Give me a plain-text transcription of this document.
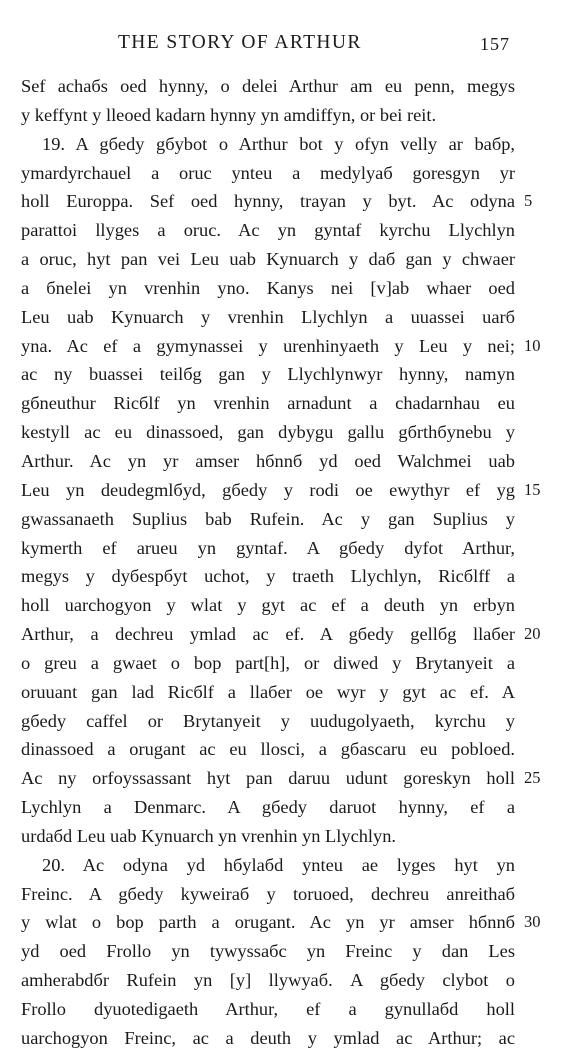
THE STORY OF ARTHUR	157
Sef achaбs oed hynny, o delei Arthur am eu penn, megys
y keffynt y lleoed kadarn hynny yn amdiffyn, or bei reit.
19. A gбedy gбybot o Arthur bot y ofyn velly ar baбp,
ymardyrchauel a oruc ynteu a medylyaб goresgyn yr
holl Europpa. Sef oed hynny, trayan y byt. Ac odyna 5
parattoi llyges a oruc. Ac yn gyntaf kyrchu Llychlyn
a oruc, hyt pan vei Leu uab Kynuarch y daб gan y chwaer
a бnelei yn vrenhin yno. Kanys nei [v]ab whaer oed
Leu uab Kynuarch y vrenhin Llychlyn a uuassei uarб
yna. Ac ef a gymynassei y urenhinyaeth y Leu y nei; 10
ac ny buassei teilбg gan y Llychlynwyr hynny, namyn
gбneuthur Ricбlf yn vrenhin arnadunt a chadarnhau eu
kestyll ac eu dinassoed, gan dybygu gallu gбrthбynebu y
Arthur. Ac yn yr amser hбnnб yd oed Walchmei uab
Leu yn deudegmlбyd, gбedy y rodi oe ewythyr ef yg 15
gwassanaeth Suplius bab Rufein. Ac y gan Suplius y
kymerth ef arueu yn gyntaf. A gбedy dyfot Arthur,
megys y dyбespбyt uchot, y traeth Llychlyn, Ricбlff a
holl uarchogyon y wlat y gyt ac ef a deuth yn erbyn
Arthur, a dechreu ymlad ac ef. A gбedy gellбg llaбer 20
o greu a gwaet o bop part[h], or diwed y Brytanyeit a
oruuant gan lad Ricбlf a llaбer oe wyr y gyt ac ef. A
gбedy caffel or Brytanyeit y uudugolyaeth, kyrchu y
dinassoed a orugant ac eu llosci, a gбascaru eu pobloed.
Ac ny orfoyssassant hyt pan daruu udunt goreskyn holl 25
Lychlyn a Denmarc. A gбedy daruot hynny, ef a
urdaбd Leu uab Kynuarch yn vrenhin yn Llychlyn.
20. Ac odyna yd hбylaбd ynteu ae lyges hyt yn
Freinc. A gбedy kyweiraб y toruoed, dechreu anreithaб
y wlat o bop parth a orugant. Ac yn yr amser hбnnб 30
yd oed Frollo yn tywyssaбc yn Freinc y dan Les
amherabdбr Rufein yn [y] llywyaб. A gбedy clybot o
Frollo dyuotedigaeth Arthur, ef a gynullaбd holl
uarchogyon Freinc, ac a deuth y ymlad ac Arthur; ac
